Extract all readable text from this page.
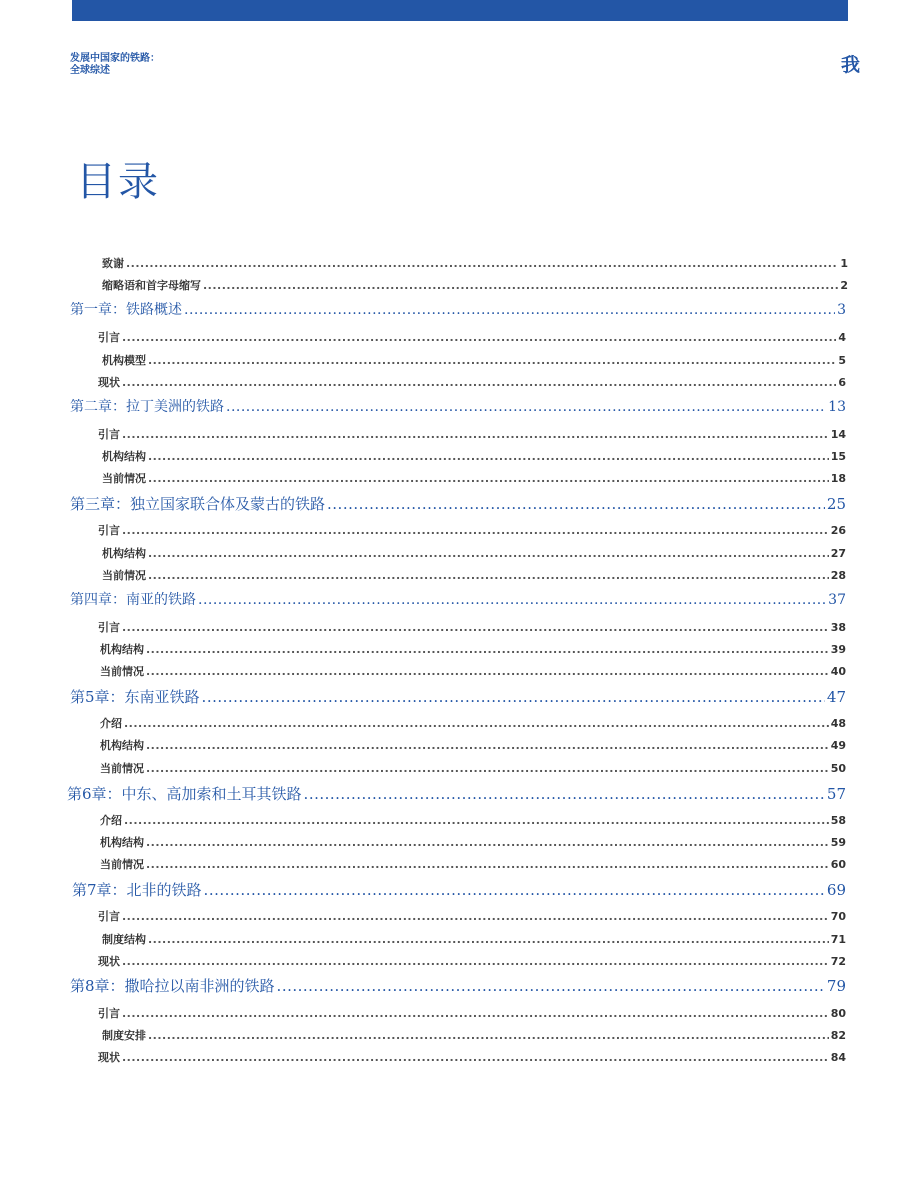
发展中国家的铁路：
全球综述	我
目录
致谢 .....	1
缩略语和首字母缩写 .....	2
第一章：铁路概述 .....	3
引言 .....	4
机构模型 .....	5
现状 .....	6
第二章：拉丁美洲的铁路 .....	13
引言 .....	14
机构结构 .....	15
当前情况 .....	18
第三章：独立国家联合体及蒙古的铁路 .....	25
引言 .....	26
机构结构 .....	27
当前情况 .....	28
第四章：南亚的铁路 .....	37
引言 .....	38
机构结构 .....	39
当前情况 .....	40
第5章：东南亚铁路 .....	47
介绍 .....	48
机构结构 .....	49
当前情况 .....	50
第6章：中东、高加索和土耳其铁路 .....	57
介绍 .....	58
机构结构 .....	59
当前情况 .....	60
第7章：北非的铁路 .....	69
引言 .....	70
制度结构 .....	71
现状 .....	72
第8章：撒哈拉以南非洲的铁路 .....	79
引言 .....	80
制度安排 .....	82
现状 .....	84
